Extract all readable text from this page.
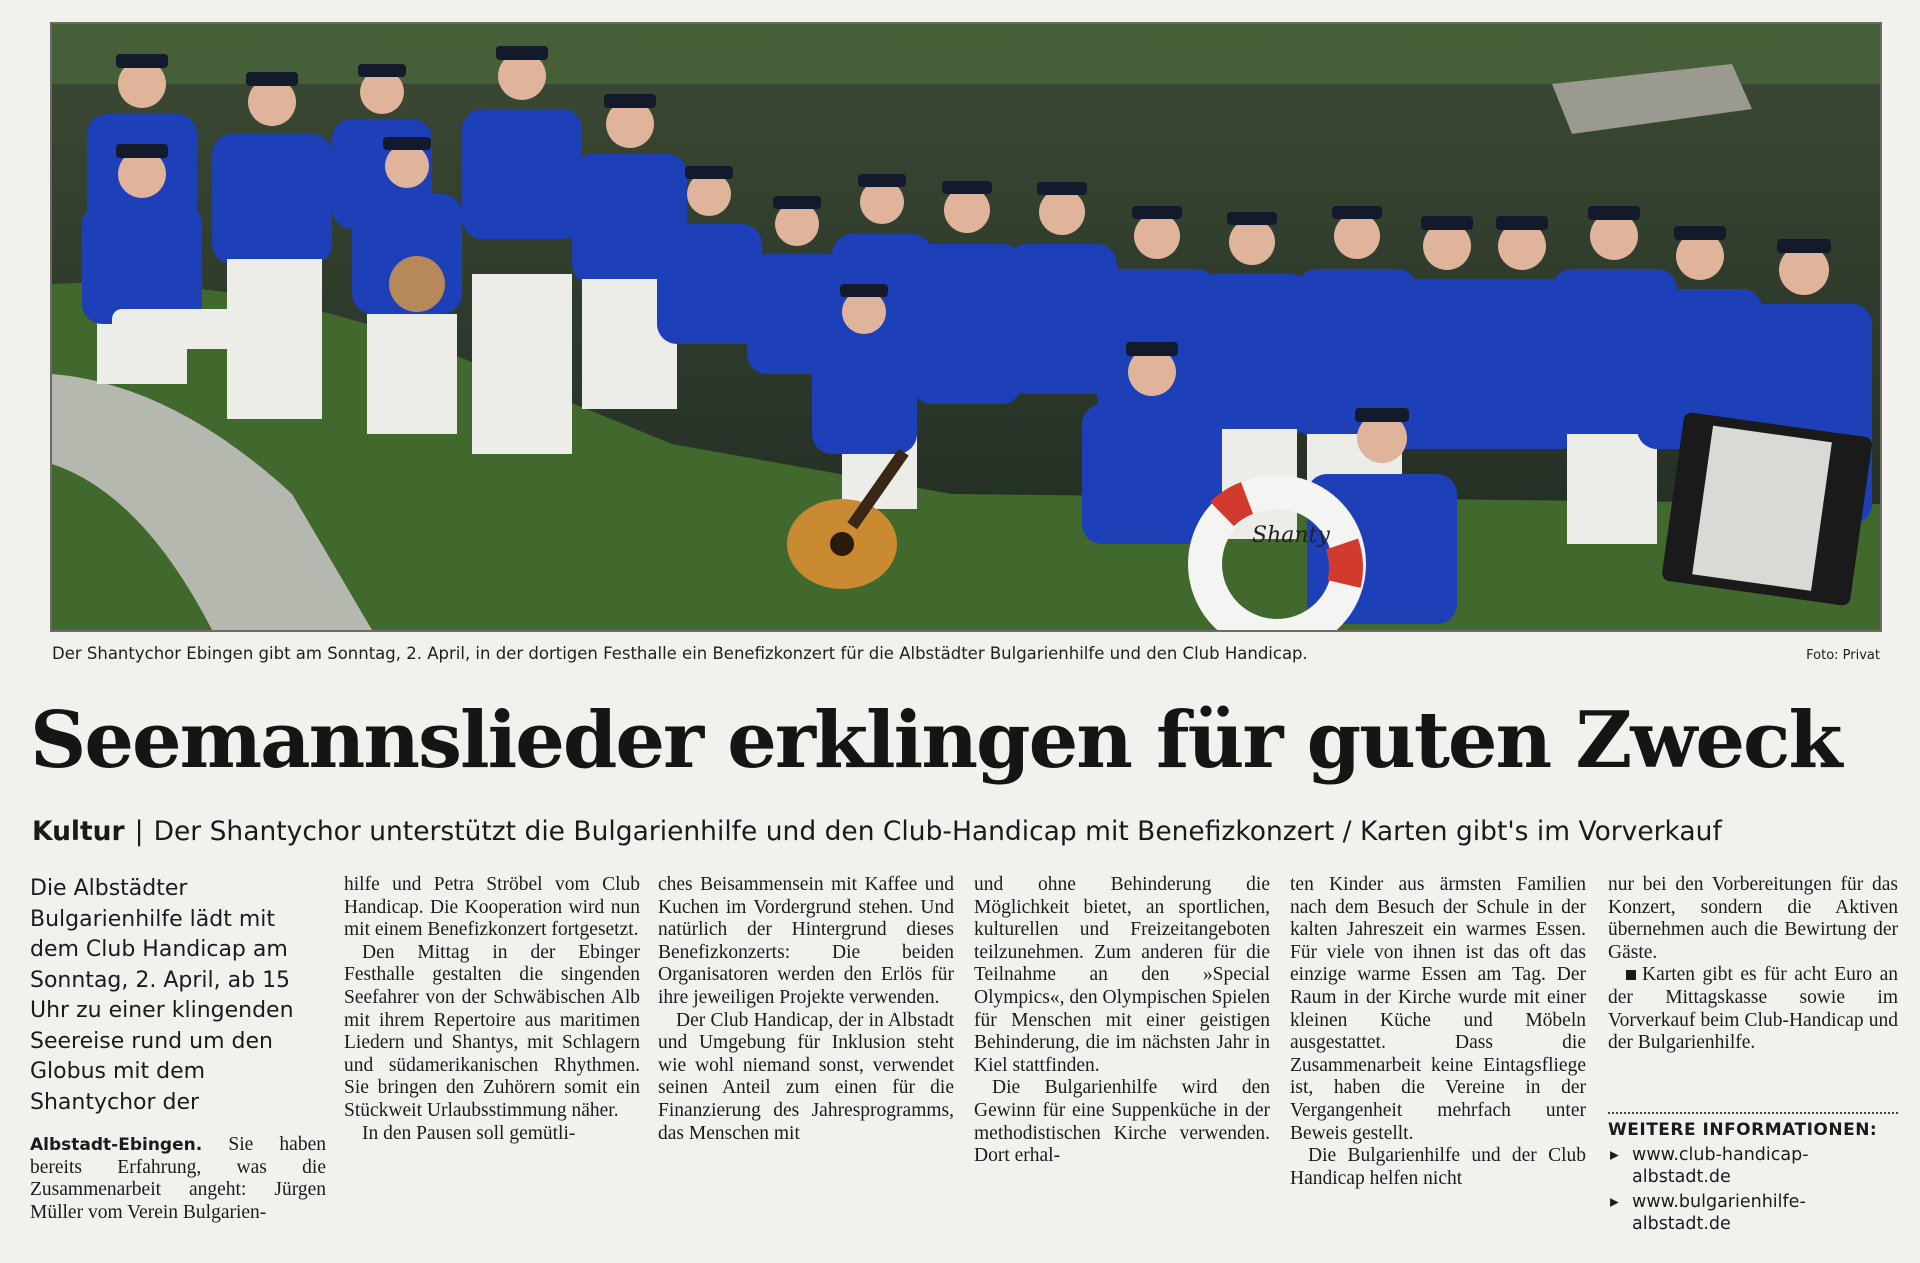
Shanty
Der Shantychor Ebingen gibt am Sonntag, 2. April, in der dortigen Festhalle ein Benefizkonzert für die Albstädter Bulgarienhilfe und den Club Handicap.	Foto: Privat
Seemannslieder erklingen für guten Zweck
Kultur | Der Shantychor unterstützt die Bulgarienhilfe und den Club-Handicap mit Benefizkonzert / Karten gibt's im Vorverkauf
Die Albstädter Bulgarienhilfe lädt mit dem Club Handicap am Sonntag, 2. April, ab 15 Uhr zu einer klingenden Seereise rund um den Globus mit dem Shantychor der
Albstadt-Ebingen. Sie haben bereits Erfahrung, was die Zusammenarbeit angeht: Jürgen Müller vom Verein Bulgarien-

hilfe und Petra Ströbel vom Club Handicap. Die Kooperation wird nun mit einem Benefizkonzert fortgesetzt.

Den Mittag in der Ebinger Festhalle gestalten die singenden Seefahrer von der Schwäbischen Alb mit ihrem Repertoire aus maritimen Liedern und Shantys, mit Schlagern und südamerikanischen Rhythmen. Sie bringen den Zuhörern somit ein Stückweit Urlaubsstimmung näher.

In den Pausen soll gemütli-

ches Beisammensein mit Kaffee und Kuchen im Vordergrund stehen. Und natürlich der Hintergrund dieses Benefizkonzerts: Die beiden Organisatoren werden den Erlös für ihre jeweiligen Projekte verwenden.

Der Club Handicap, der in Albstadt und Umgebung für Inklusion steht wie wohl niemand sonst, verwendet seinen Anteil zum einen für die Finanzierung des Jahresprogramms, das Menschen mit

und ohne Behinderung die Möglichkeit bietet, an sportlichen, kulturellen und Freizeitangeboten teilzunehmen. Zum anderen für die Teilnahme an den »Special Olympics«, den Olympischen Spielen für Menschen mit einer geistigen Behinderung, die im nächsten Jahr in Kiel stattfinden.

Die Bulgarienhilfe wird den Gewinn für eine Suppenküche in der methodistischen Kirche verwenden. Dort erhal-

ten Kinder aus ärmsten Familien nach dem Besuch der Schule in der kalten Jahreszeit ein warmes Essen. Für viele von ihnen ist das oft das einzige warme Essen am Tag. Der Raum in der Kirche wurde mit einer kleinen Küche und Möbeln ausgestattet. Dass die Zusammenarbeit keine Eintagsfliege ist, haben die Vereine in der Vergangenheit mehrfach unter Beweis gestellt.

Die Bulgarienhilfe und der Club Handicap helfen nicht

nur bei den Vorbereitungen für das Konzert, sondern die Aktiven übernehmen auch die Bewirtung der Gäste.

Karten gibt es für acht Euro an der Mittagskasse sowie im Vorverkauf beim Club-Handicap und der Bulgarienhilfe.

WEITERE INFORMATIONEN:
▸ www.club-handicap-albstadt.de
▸ www.bulgarienhilfe-albstadt.de
